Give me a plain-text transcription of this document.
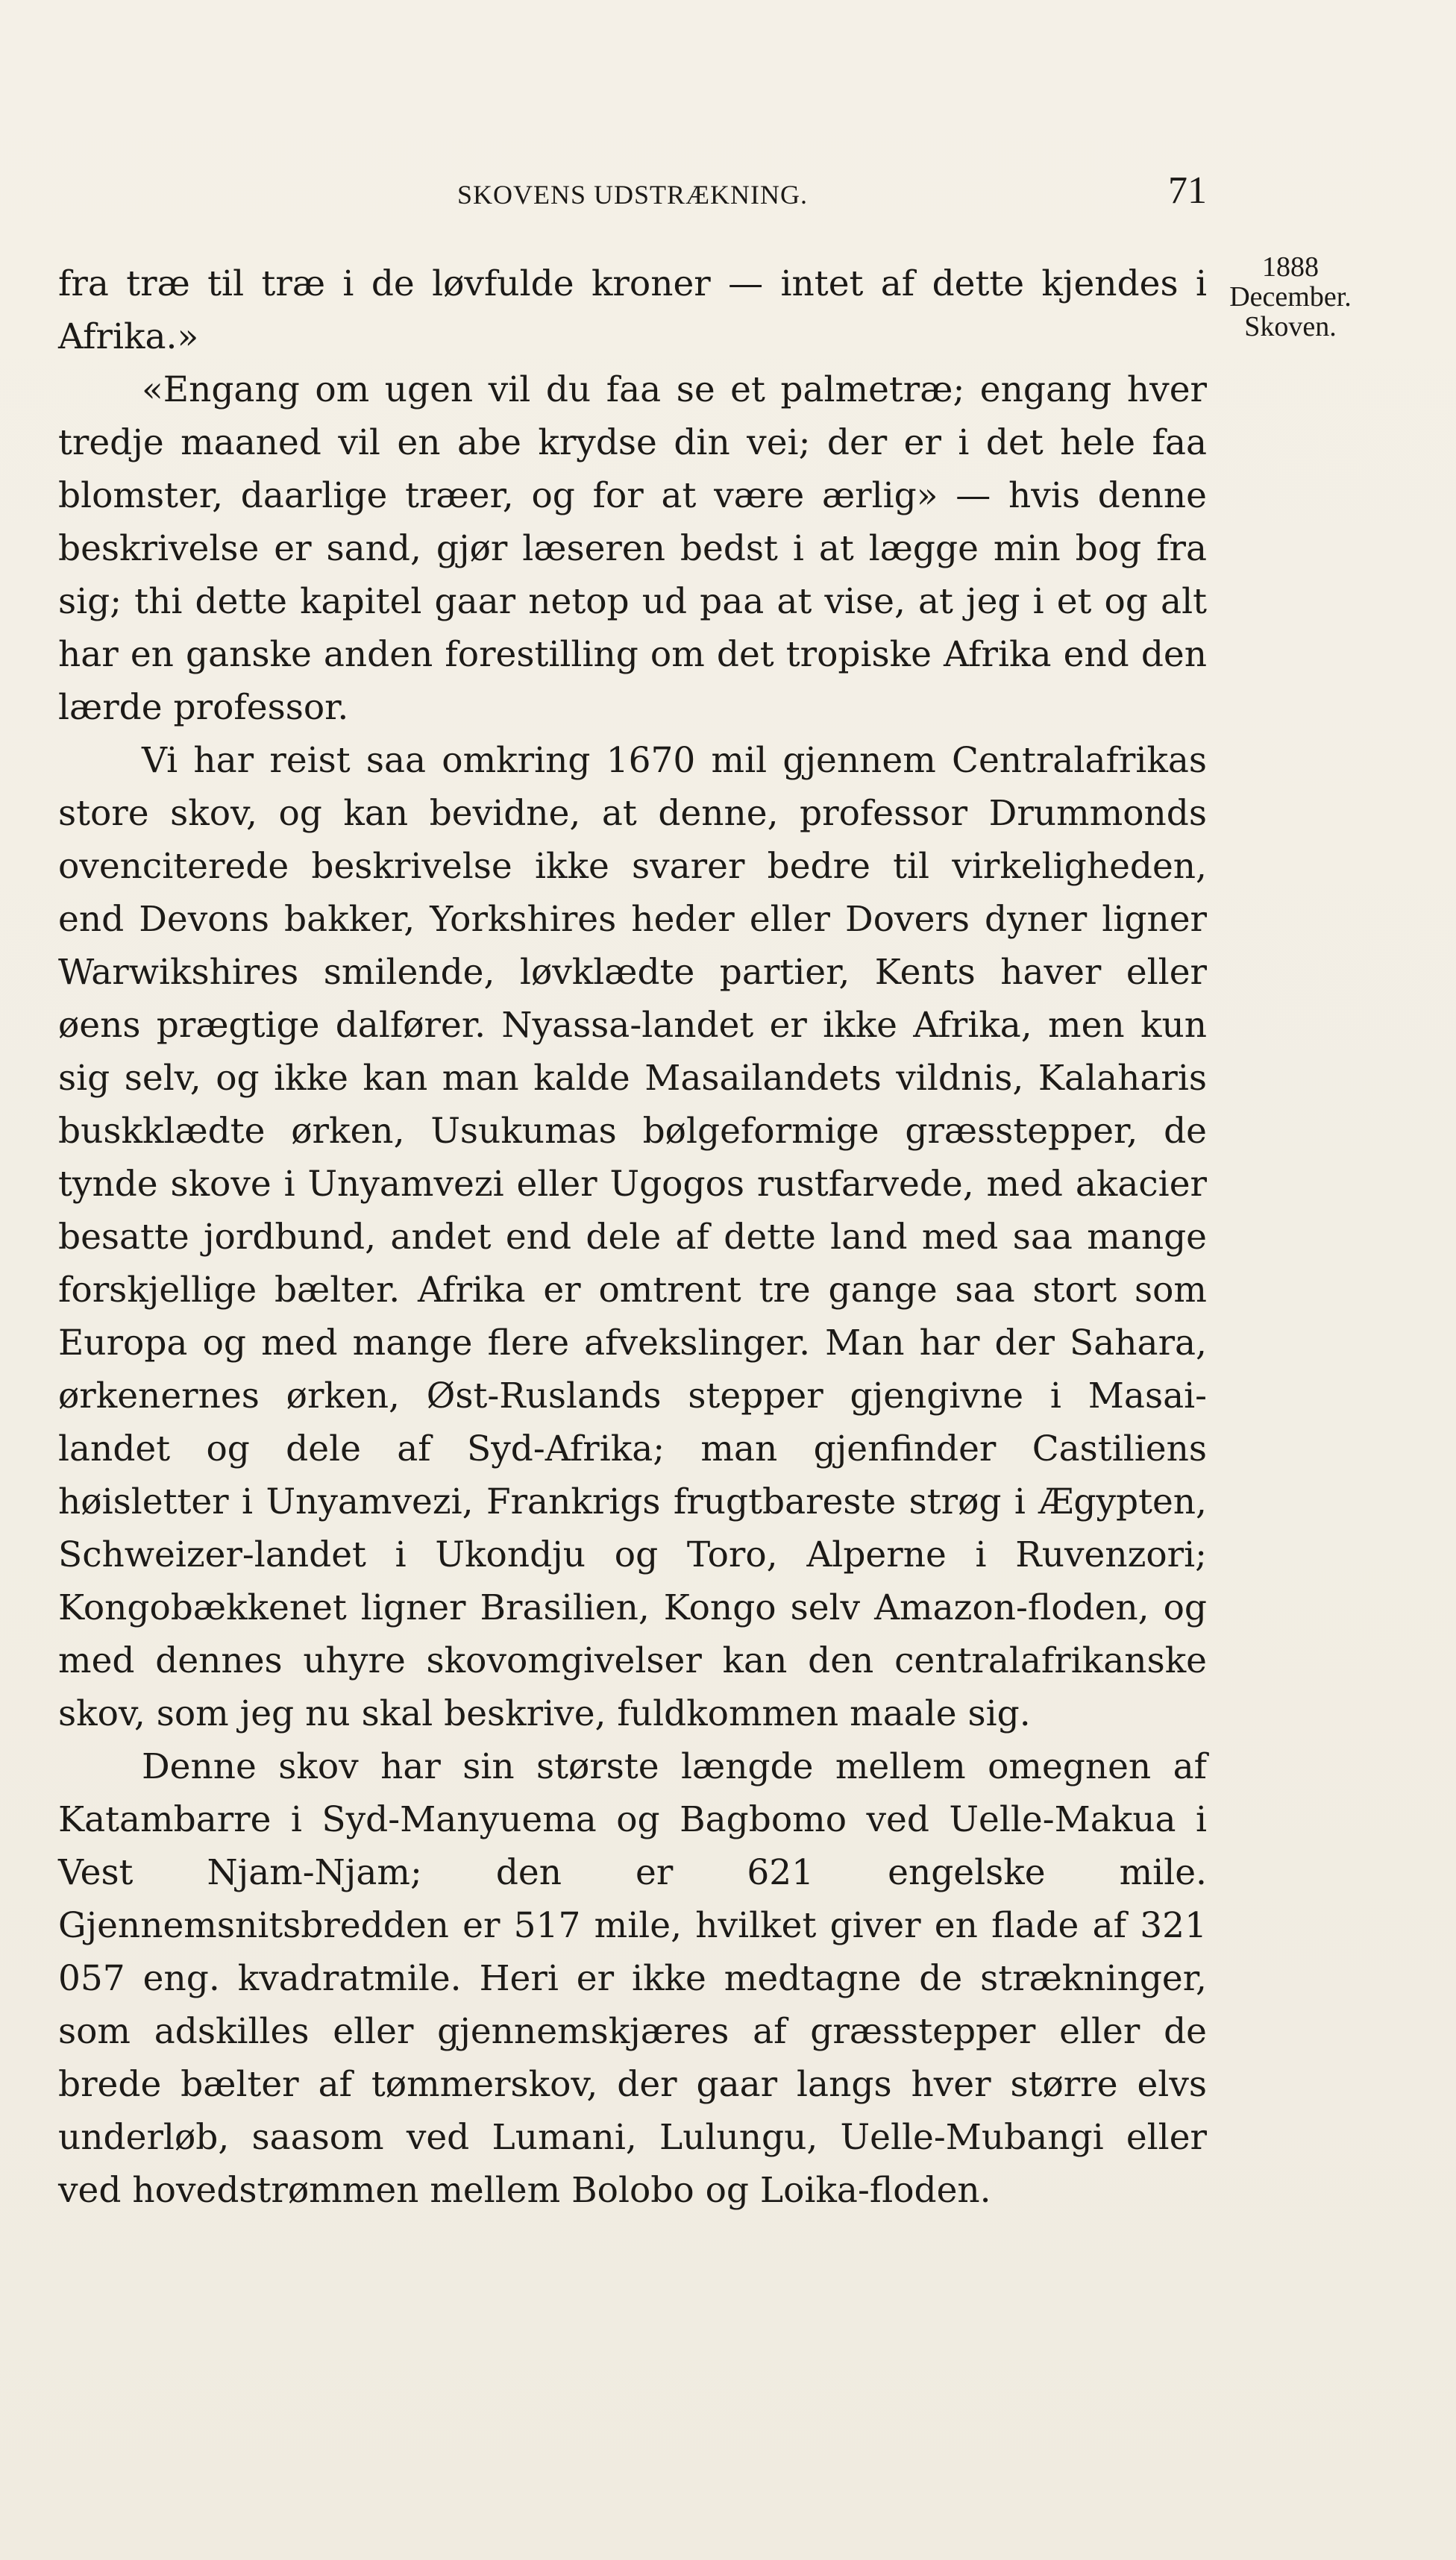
SKOVENS UDSTRÆKNING.	71
1888
December.
Skoven.

fra træ til træ i de løvfulde kroner — intet af dette kjendes i Afrika.»

«Engang om ugen vil du faa se et palmetræ; engang hver tredje maaned vil en abe krydse din vei; der er i det hele faa blomster, daarlige træer, og for at være ærlig» — hvis denne beskrivelse er sand, gjør læseren bedst i at lægge min bog fra sig; thi dette kapitel gaar netop ud paa at vise, at jeg i et og alt har en ganske anden forestilling om det tropiske Afrika end den lærde professor.

Vi har reist saa omkring 1670 mil gjennem Centralafrikas store skov, og kan bevidne, at denne, professor Drummonds ovenciterede beskrivelse ikke svarer bedre til virkeligheden, end Devons bakker, Yorkshires heder eller Dovers dyner ligner Warwikshires smilende, løvklædte partier, Kents haver eller øens prægtige dalfører. Nyassa-landet er ikke Afrika, men kun sig selv, og ikke kan man kalde Masailandets vildnis, Kalaharis buskklædte ørken, Usukumas bølgeformige græsstepper, de tynde skove i Unyamvezi eller Ugogos rustfarvede, med akacier besatte jordbund, andet end dele af dette land med saa mange forskjellige bælter. Afrika er omtrent tre gange saa stort som Europa og med mange flere afvekslinger. Man har der Sahara, ørkenernes ørken, Øst-Ruslands stepper gjengivne i Masai-landet og dele af Syd-Afrika; man gjenfinder Castiliens høisletter i Unyamvezi, Frankrigs frugtbareste strøg i Ægypten, Schweizer-landet i Ukondju og Toro, Alperne i Ruvenzori; Kongobækkenet ligner Brasilien, Kongo selv Amazon-floden, og med dennes uhyre skovomgivelser kan den centralafrikanske skov, som jeg nu skal beskrive, fuldkommen maale sig.

Denne skov har sin største længde mellem omegnen af Katambarre i Syd-Manyuema og Bagbomo ved Uelle-Makua i Vest Njam-Njam; den er 621 engelske mile. Gjennemsnitsbredden er 517 mile, hvilket giver en flade af 321 057 eng. kvadratmile. Heri er ikke medtagne de strækninger, som adskilles eller gjennemskjæres af græsstepper eller de brede bælter af tømmerskov, der gaar langs hver større elvs underløb, saasom ved Lumani, Lulungu, Uelle-Mubangi eller ved hovedstrømmen mellem Bolobo og Loika-floden.
